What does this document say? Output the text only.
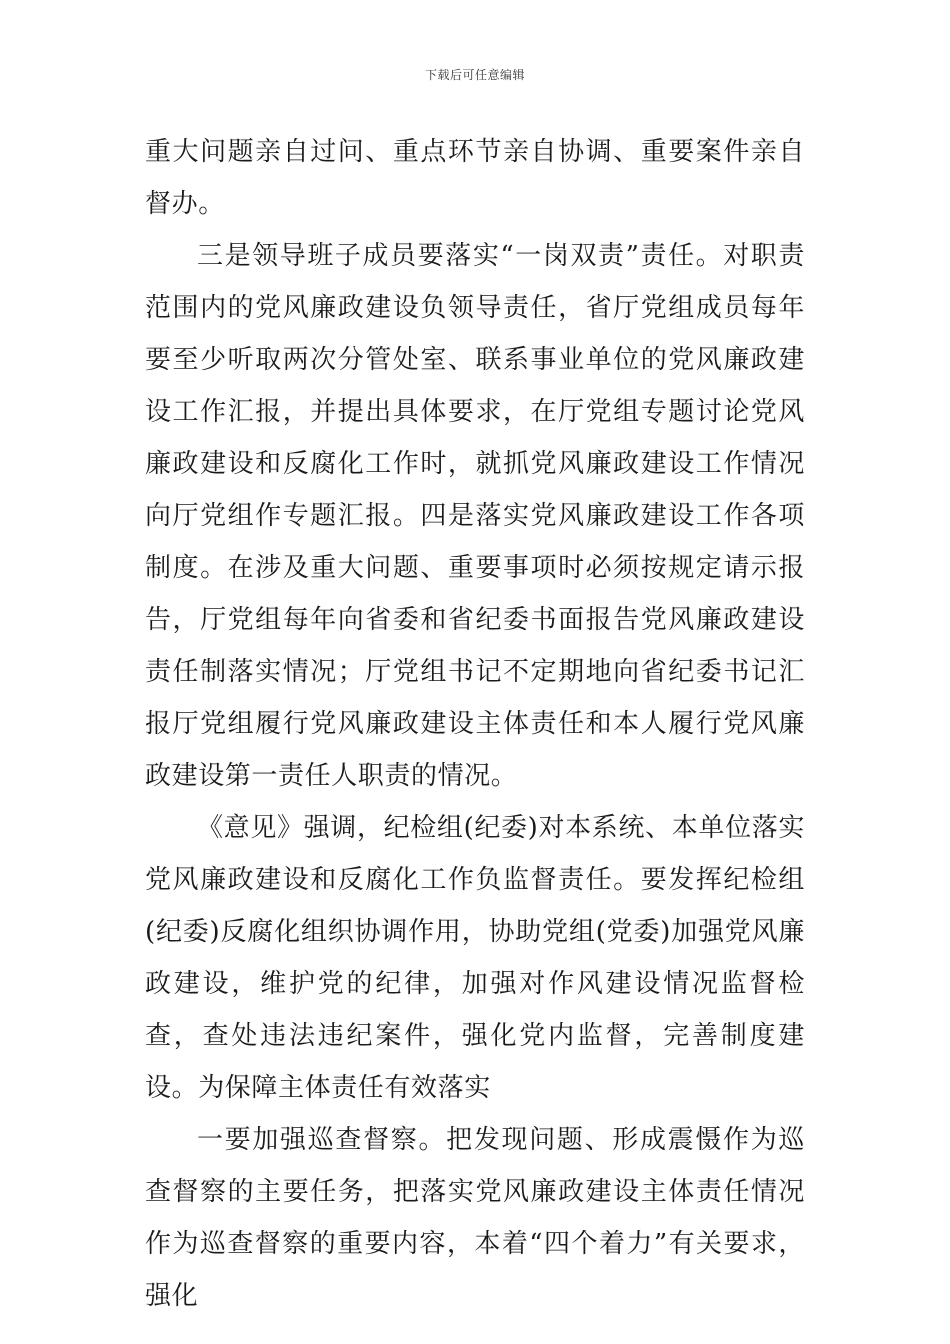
下载后可任意编辑

重大问题亲自过问、重点环节亲自协调、重要案件亲自督办。

三是领导班子成员要落实“一岗双责”责任。对职责范围内的党风廉政建设负领导责任，省厅党组成员每年要至少听取两次分管处室、联系事业单位的党风廉政建设工作汇报，并提出具体要求，在厅党组专题讨论党风廉政建设和反腐化工作时，就抓党风廉政建设工作情况向厅党组作专题汇报。四是落实党风廉政建设工作各项制度。在涉及重大问题、重要事项时必须按规定请示报告，厅党组每年向省委和省纪委书面报告党风廉政建设责任制落实情况；厅党组书记不定期地向省纪委书记汇报厅党组履行党风廉政建设主体责任和本人履行党风廉政建设第一责任人职责的情况。

《意见》强调，纪检组(纪委)对本系统、本单位落实党风廉政建设和反腐化工作负监督责任。要发挥纪检组(纪委)反腐化组织协调作用，协助党组(党委)加强党风廉政建设，维护党的纪律，加强对作风建设情况监督检查，查处违法违纪案件，强化党内监督，完善制度建设。为保障主体责任有效落实

一要加强巡查督察。把发现问题、形成震慑作为巡查督察的主要任务，把落实党风廉政建设主体责任情况作为巡查督察的重要内容，本着“四个着力”有关要求，强化
